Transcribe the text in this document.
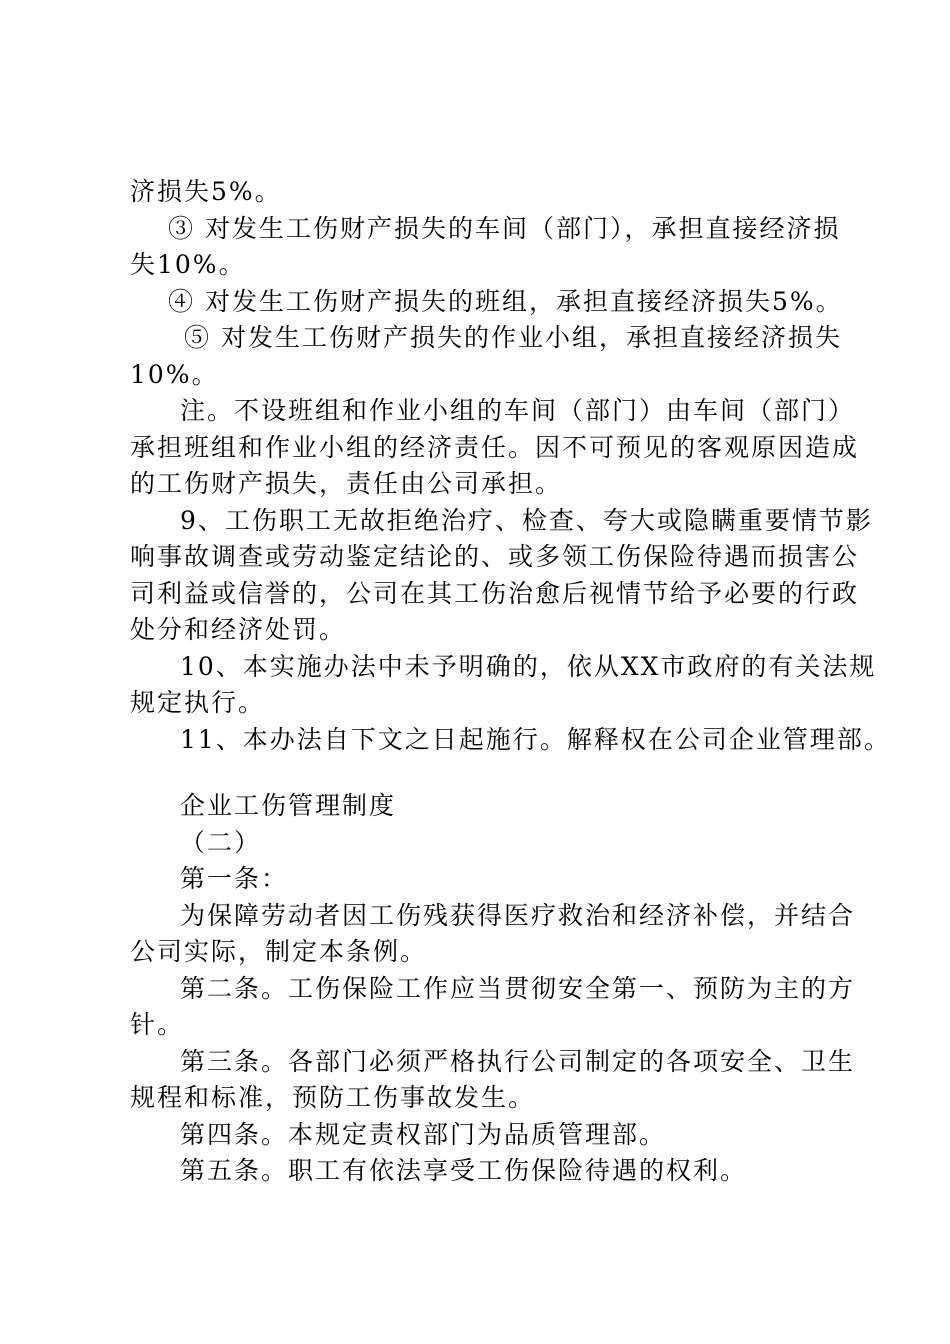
济损失5%。
③ 对发生工伤财产损失的车间（部门），承担直接经济损
失10%。
④ 对发生工伤财产损失的班组，承担直接经济损失5%。
⑤ 对发生工伤财产损失的作业小组，承担直接经济损失
10%。
注。不设班组和作业小组的车间（部门）由车间（部门）
承担班组和作业小组的经济责任。因不可预见的客观原因造成
的工伤财产损失，责任由公司承担。
9、工伤职工无故拒绝治疗、检查、夸大或隐瞒重要情节影
响事故调查或劳动鉴定结论的、或多领工伤保险待遇而损害公
司利益或信誉的，公司在其工伤治愈后视情节给予必要的行政
处分和经济处罚。
10、本实施办法中未予明确的，依从XX市政府的有关法规
规定执行。
11、本办法自下文之日起施行。解释权在公司企业管理部。
企业工伤管理制度
（二）
第一条：
为保障劳动者因工伤残获得医疗救治和经济补偿，并结合
公司实际，制定本条例。
第二条。工伤保险工作应当贯彻安全第一、预防为主的方
针。
第三条。各部门必须严格执行公司制定的各项安全、卫生
规程和标准，预防工伤事故发生。
第四条。本规定责权部门为品质管理部。
第五条。职工有依法享受工伤保险待遇的权利。
